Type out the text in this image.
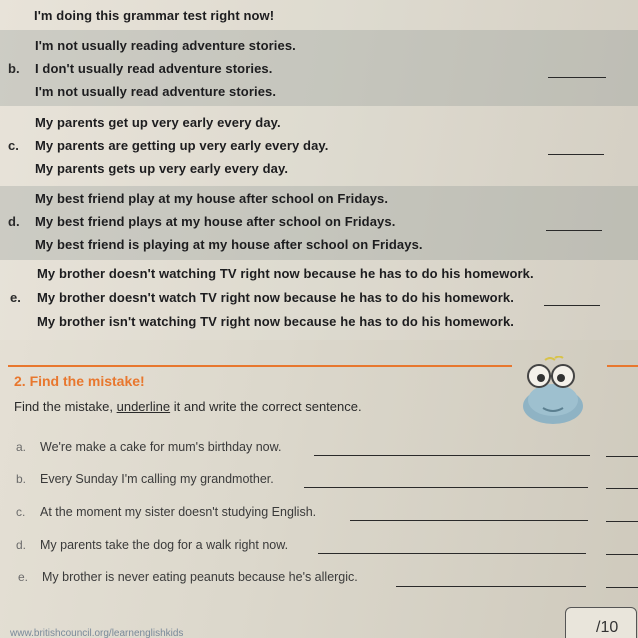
I'm doing this grammar test right now!
I'm not usually reading adventure stories.
b. I don't usually read adventure stories.
I'm not usually read adventure stories.
My parents get up very early every day.
c. My parents are getting up very early every day.
My parents gets up very early every day.
My best friend play at my house after school on Fridays.
d. My best friend plays at my house after school on Fridays.
My best friend is playing at my house after school on Fridays.
My brother doesn't watching TV right now because he has to do his homework.
e. My brother doesn't watch TV right now because he has to do his homework.
My brother isn't watching TV right now because he has to do his homework.
2. Find the mistake!
Find the mistake, underline it and write the correct sentence.
a. We're make a cake for mum's birthday now.
b. Every Sunday I'm calling my grandmother.
c. At the moment my sister doesn't studying English.
d. My parents take the dog for a walk right now.
e. My brother is never eating peanuts because he's allergic.
/10
www.britishcouncil.org/learnenglishkids
